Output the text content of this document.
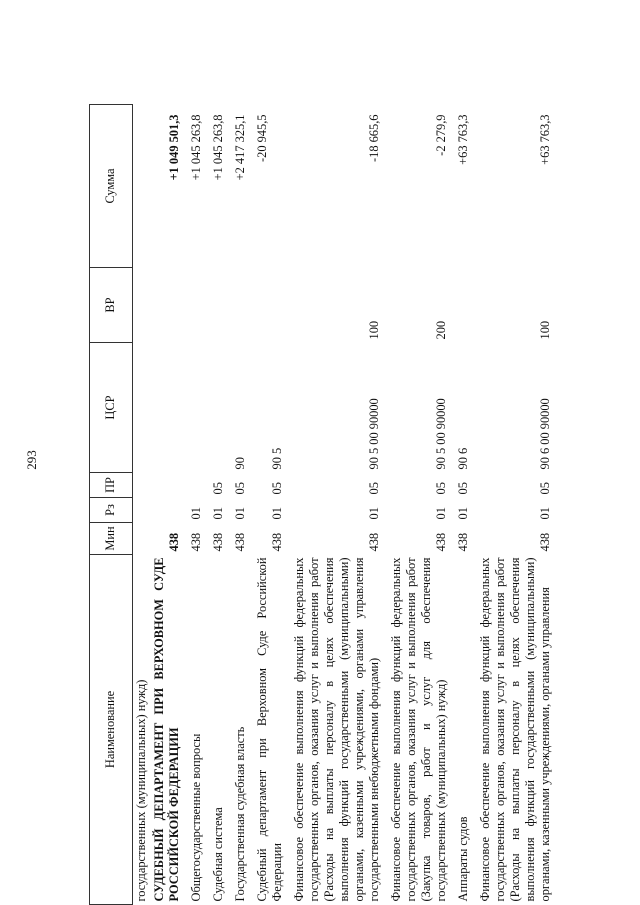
293
государственных (муниципальных) нужд)						
Наименование	Мин	Рз	ПР	ЦСР	ВР	Сумма
СУДЕБНЫЙ ДЕПАРТАМЕНТ ПРИ ВЕРХОВНОМ СУДЕ РОССИЙСКОЙ ФЕДЕРАЦИИ	438					+1 049 501,3
Общегосударственные вопросы	438	01				+1 045 263,8
Судебная система	438	01	05			+1 045 263,8
Государственная судебная власть	438	01	05	90		+2 417 325,1
Судебный департамент при Верховном Суде Российской Федерации	438	01	05	90 5		-20 945,5
Финансовое обеспечение выполнения функций федеральных государственных органов, оказания услуг и выполнения работ (Расходы на выплаты персоналу в целях обеспечения выполнения функций государственными (муниципальными) органами, казенными учреждениями, органами управления государственными внебюджетными фондами)	438	01	05	90 5 00 90000	100	-18 665,6
Финансовое обеспечение выполнения функций федеральных государственных органов, оказания услуг и выполнения работ (Закупка товаров, работ и услуг для обеспечения государственных (муниципальных) нужд)	438	01	05	90 5 00 90000	200	-2 279,9
Аппараты судов	438	01	05	90 6		+63 763,3
Финансовое обеспечение выполнения функций федеральных государственных органов, оказания услуг и выполнения работ (Расходы на выплаты персоналу в целях обеспечения выполнения функций государственными (муниципальными) органами, казенными учреждениями, органами управления	438	01	05	90 6 00 90000	100	+63 763,3
